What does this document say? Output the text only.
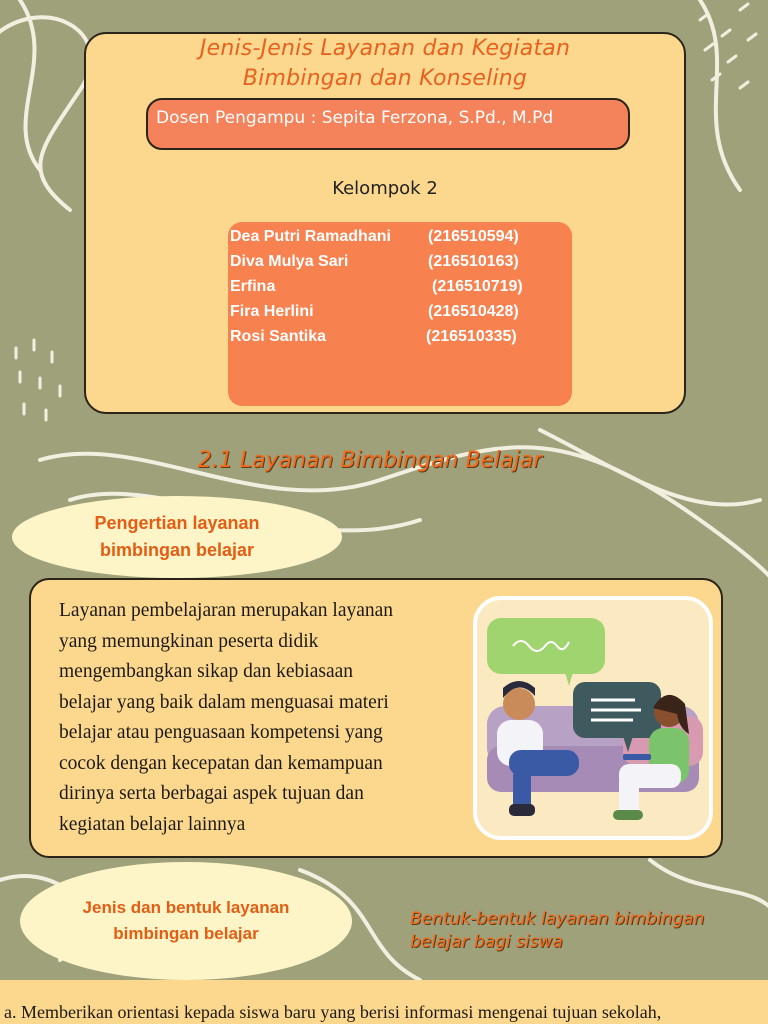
Jenis-Jenis Layanan dan Kegiatan
Bimbingan dan Konseling
Dosen Pengampu : Sepita Ferzona, S.Pd., M.Pd
Kelompok 2
Dea Putri Ramadhani (216510594)
Diva Mulya Sari	(216510163)
Erfina	(216510719)
Fira Herlini	(216510428)
Rosi Santika	(216510335)
2.1 Layanan Bimbingan Belajar
Pengertian layanan
bimbingan belajar
Layanan pembelajaran merupakan layanan
yang memungkinan peserta didik
mengembangkan sikap dan kebiasaan
belajar yang baik dalam menguasai materi
belajar atau penguasaan kompetensi yang
cocok dengan kecepatan dan kemampuan
dirinya serta berbagai aspek tujuan dan
kegiatan belajar lainnya
Jenis dan bentuk layanan
bimbingan belajar
Bentuk-bentuk layanan bimbingan
belajar bagi siswa
a. Memberikan orientasi kepada siswa baru yang berisi informasi mengenai tujuan sekolah,
